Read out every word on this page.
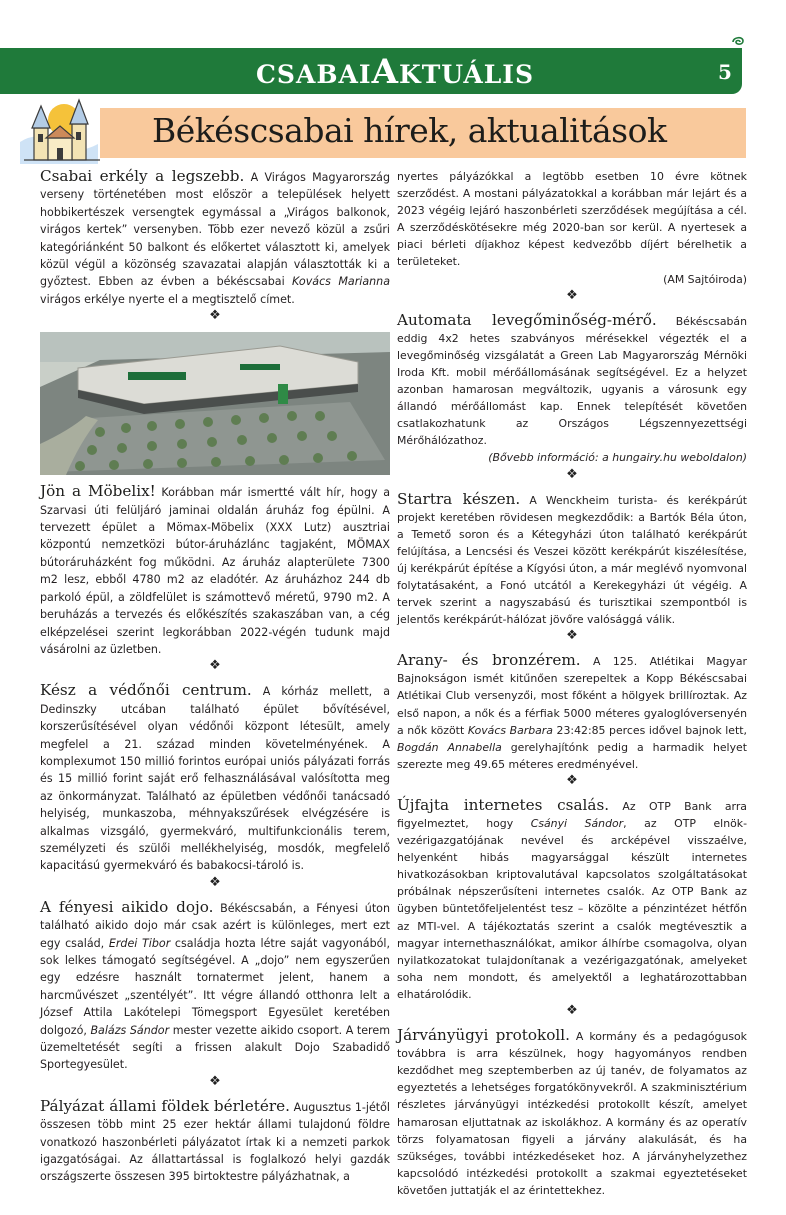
CSABAIAKTUÁLIS	5
Békéscsabai hírek, aktualitások

Csabai erkély a legszebb. A Virágos Magyarország verseny történetében most először a települések helyett hobbikertészek versengtek egymással a „Virágos balkonok, virágos kertek” versenyben. Több ezer nevező közül a zsűri kategóriánként 50 balkont és előkertet választott ki, amelyek közül végül a közönség szavazatai alapján választották ki a győztest. Ebben az évben a békéscsabai Kovács Marianna virágos erkélye nyerte el a megtisztelő címet.

❖

Jön a Möbelix! Korábban már ismertté vált hír, hogy a Szarvasi úti felüljáró jaminai oldalán áruház fog épülni. A tervezett épület a Mömax-Möbelix (XXX Lutz) ausztriai központú nemzetközi bútor-áruházlánc tagjaként, MÖMAX bútoráruházként fog működni. Az áruház alapterülete 7300 m2 lesz, ebből 4780 m2 az eladótér. Az áruházhoz 244 db parkoló épül, a zöldfelület is számottevő méretű, 9790 m2. A beruházás a tervezés és előkészítés szakaszában van, a cég elképzelései szerint legkorábban 2022-végén tudunk majd vásárolni az üzletben.

❖

Kész a védőnői centrum. A kórház mellett, a Dedinszky utcában található épület bővítésével, korszerűsítésével olyan védőnői központ létesült, amely megfelel a 21. század minden követelményének. A komplexumot 150 millió forintos európai uniós pályázati forrás és 15 millió forint saját erő felhasználásával valósította meg az önkormányzat. Található az épületben védőnői tanácsadó helyiség, munkaszoba, méhnyakszűrések elvégzésére is alkalmas vizsgáló, gyermekváró, multifunkcionális terem, személyzeti és szülői mellékhelyiség, mosdók, megfelelő kapacitású gyermekváró és babakocsi-tároló is.

❖

A fényesi aikido dojo. Békéscsabán, a Fényesi úton található aikido dojo már csak azért is különleges, mert ezt egy család, Erdei Tibor családja hozta létre saját vagyonából, sok lelkes támogató segítségével. A „dojo” nem egyszerűen egy edzésre használt tornatermet jelent, hanem a harcművészet „szentélyét”. Itt végre állandó otthonra lelt a József Attila Lakótelepi Tömegsport Egyesület keretében dolgozó, Balázs Sándor mester vezette aikido csoport. A terem üzemeltetését segíti a frissen alakult Dojo Szabadidő Sportegyesület.

❖

Pályázat állami földek bérletére. Augusztus 1-jétől összesen több mint 25 ezer hektár állami tulajdonú földre vonatkozó haszonbérleti pályázatot írtak ki a nemzeti parkok igazgatóságai. Az állattartással is foglalkozó helyi gazdák országszerte összesen 395 birtoktestre pályázhatnak, a

nyertes pályázókkal a legtöbb esetben 10 évre kötnek szerződést. A mostani pályázatokkal a korábban már lejárt és a 2023 végéig lejáró haszonbérleti szerződések megújítása a cél. A szerződéskötésekre még 2020-ban sor kerül. A nyertesek a piaci bérleti díjakhoz képest kedvezőbb díjért bérelhetik a területeket.
(AM Sajtóiroda)

❖

Automata levegőminőség-mérő. Békéscsabán eddig 4x2 hetes szabványos mérésekkel végezték el a levegőminőség vizsgálatát a Green Lab Magyarország Mérnöki Iroda Kft. mobil mérőállomásának segítségével. Ez a helyzet azonban hamarosan megváltozik, ugyanis a városunk egy állandó mérőállomást kap. Ennek telepítését követően csatlakozhatunk az Országos Légszennyezettségi Mérőhálózathoz.
(Bővebb információ: a hungairy.hu weboldalon)

❖

Startra készen. A Wenckheim turista- és kerékpárút projekt keretében rövidesen megkezdődik: a Bartók Béla úton, a Temető soron és a Kétegyházi úton található kerékpárút felújítása, a Lencsési és Veszei között kerékpárút kiszélesítése, új kerékpárút építése a Kígyósi úton, a már meglévő nyomvonal folytatásaként, a Fonó utcától a Kerekegyházi út végéig. A tervek szerint a nagyszabású és turisztikai szempontból is jelentős kerékpárút-hálózat jövőre valósággá válik.

❖

Arany- és bronzérem. A 125. Atlétikai Magyar Bajnokságon ismét kitűnően szerepeltek a Kopp Békéscsabai Atlétikai Club versenyzői, most főként a hölgyek brillíroztak. Az első napon, a nők és a férfiak 5000 méteres gyaloglóversenyén a nők között Kovács Barbara 23:42:85 perces idővel bajnok lett, Bogdán Annabella gerelyhajítónk pedig a harmadik helyet szerezte meg 49.65 méteres eredményével.

❖

Újfajta internetes csalás. Az OTP Bank arra figyelmeztet, hogy Csányi Sándor, az OTP elnök-vezérigazgatójának nevével és arcképével visszaélve, helyenként hibás magyarsággal készült internetes hivatkozásokban kriptovalutával kapcsolatos szolgáltatásokat próbálnak népszerűsíteni internetes csalók. Az OTP Bank az ügyben büntetőfeljelentést tesz – közölte a pénzintézet hétfőn az MTI-vel. A tájékoztatás szerint a csalók megtévesztik a magyar internethasználókat, amikor álhírbe csomagolva, olyan nyilatkozatokat tulajdonítanak a vezérigazgatónak, amelyeket soha nem mondott, és amelyektől a leghatározottabban elhatárolódik.

❖

Járványügyi protokoll. A kormány és a pedagógusok továbbra is arra készülnek, hogy hagyományos rendben kezdődhet meg szeptemberben az új tanév, de folyamatos az egyeztetés a lehetséges forgatókönyvekről. A szakminisztérium részletes járványügyi intézkedési protokollt készít, amelyet hamarosan eljuttatnak az iskolákhoz. A kormány és az operatív törzs folyamatosan figyeli a járvány alakulását, és ha szükséges, további intézkedéseket hoz. A járványhelyzethez kapcsolódó intézkedési protokollt a szakmai egyeztetéseket követően juttatják el az érintettekhez.
